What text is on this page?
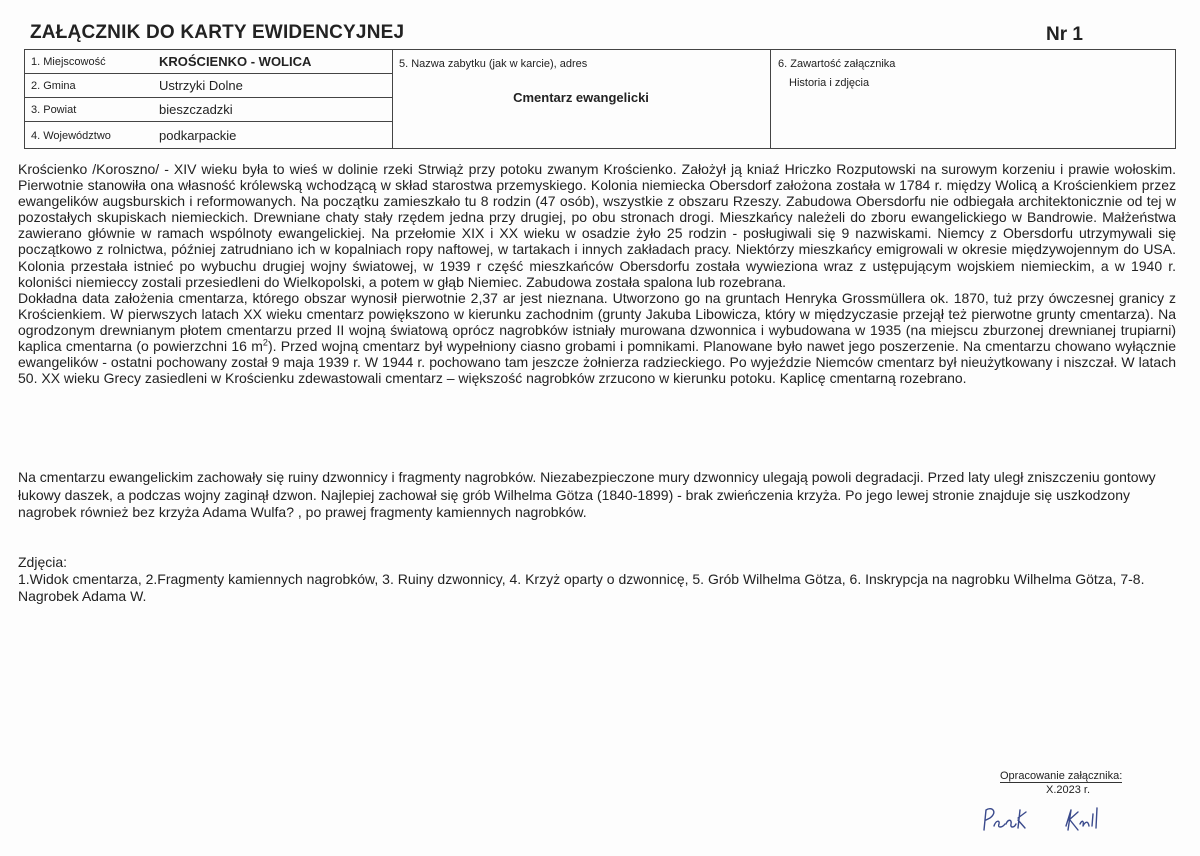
ZAŁĄCZNIK DO KARTY EWIDENCYJNEJ	Nr 1
1. Miejscowość	KROŚCIENKO - WOLICA
2. Gmina	Ustrzyki Dolne
3. Powiat	bieszczadzki
4. Województwo	podkarpackie
5. Nazwa zabytku (jak w karcie), adres
Cmentarz ewangelicki
6. Zawartość załącznika
Historia i zdjęcia

Krościenko /Koroszno/ - XIV wieku była to wieś w dolinie rzeki Strwiąż przy potoku zwanym Krościenko. Założył ją kniaź Hriczko Rozputowski na surowym korzeniu i prawie wołoskim. Pierwotnie stanowiła ona własność królewską wchodzącą w skład starostwa przemyskiego. Kolonia niemiecka Obersdorf założona została w 1784 r. między Wolicą a Krościenkiem przez ewangelików augsburskich i reformowanych. Na początku zamieszkało tu 8 rodzin (47 osób), wszystkie z obszaru Rzeszy. Zabudowa Obersdorfu nie odbiegała architektonicznie od tej w pozostałych skupiskach niemieckich. Drewniane chaty stały rzędem jedna przy drugiej, po obu stronach drogi. Mieszkańcy należeli do zboru ewangelickiego w Bandrowie. Małżeństwa zawierano głównie w ramach wspólnoty ewangelickiej. Na przełomie XIX i XX wieku w osadzie żyło 25 rodzin - posługiwali się 9 nazwiskami. Niemcy z Obersdorfu utrzymywali się początkowo z rolnictwa, później zatrudniano ich w kopalniach ropy naftowej, w tartakach i innych zakładach pracy. Niektórzy mieszkańcy emigrowali w okresie międzywojennym do USA. Kolonia przestała istnieć po wybuchu drugiej wojny światowej, w 1939 r część mieszkańców Obersdorfu została wywieziona wraz z ustępującym wojskiem niemieckim, a w 1940 r. koloniści niemieccy zostali przesiedleni do Wielkopolski, a potem w głąb Niemiec. Zabudowa została spalona lub rozebrana.

Dokładna data założenia cmentarza, którego obszar wynosił pierwotnie 2,37 ar jest nieznana. Utworzono go na gruntach Henryka Grossmüllera ok. 1870, tuż przy ówczesnej granicy z Krościenkiem. W pierwszych latach XX wieku cmentarz powiększono w kierunku zachodnim (grunty Jakuba Libowicza, który w międzyczasie przejął też pierwotne grunty cmentarza). Na ogrodzonym drewnianym płotem cmentarzu przed II wojną światową oprócz nagrobków istniały murowana dzwonnica i wybudowana w 1935 (na miejscu zburzonej drewnianej trupiarni) kaplica cmentarna (o powierzchni 16 $m^2$). Przed wojną cmentarz był wypełniony ciasno grobami i pomnikami. Planowane było nawet jego poszerzenie. Na cmentarzu chowano wyłącznie ewangelików - ostatni pochowany został 9 maja 1939 r. W 1944 r. pochowano tam jeszcze żołnierza radzieckiego. Po wyjeździe Niemców cmentarz był nieużytkowany i niszczał. W latach 50. XX wieku Grecy zasiedleni w Krościenku zdewastowali cmentarz – większość nagrobków zrzucono w kierunku potoku. Kaplicę cmentarną rozebrano.

Na cmentarzu ewangelickim zachowały się ruiny dzwonnicy i fragmenty nagrobków. Niezabezpieczone mury dzwonnicy ulegają powoli degradacji. Przed laty uległ zniszczeniu gontowy łukowy daszek, a podczas wojny zaginął dzwon. Najlepiej zachował się grób Wilhelma Götza (1840-1899) - brak zwieńczenia krzyża. Po jego lewej stronie znajduje się uszkodzony nagrobek również bez krzyża Adama Wulfa? , po prawej fragmenty kamiennych nagrobków.
Zdjęcia:
1.Widok cmentarza, 2.Fragmenty kamiennych nagrobków, 3. Ruiny dzwonnicy, 4. Krzyż oparty o dzwonnicę, 5. Grób Wilhelma Götza, 6. Inskrypcja na nagrobku Wilhelma Götza, 7-8. Nagrobek Adama W.
Opracowanie załącznika:
X.2023 r.
